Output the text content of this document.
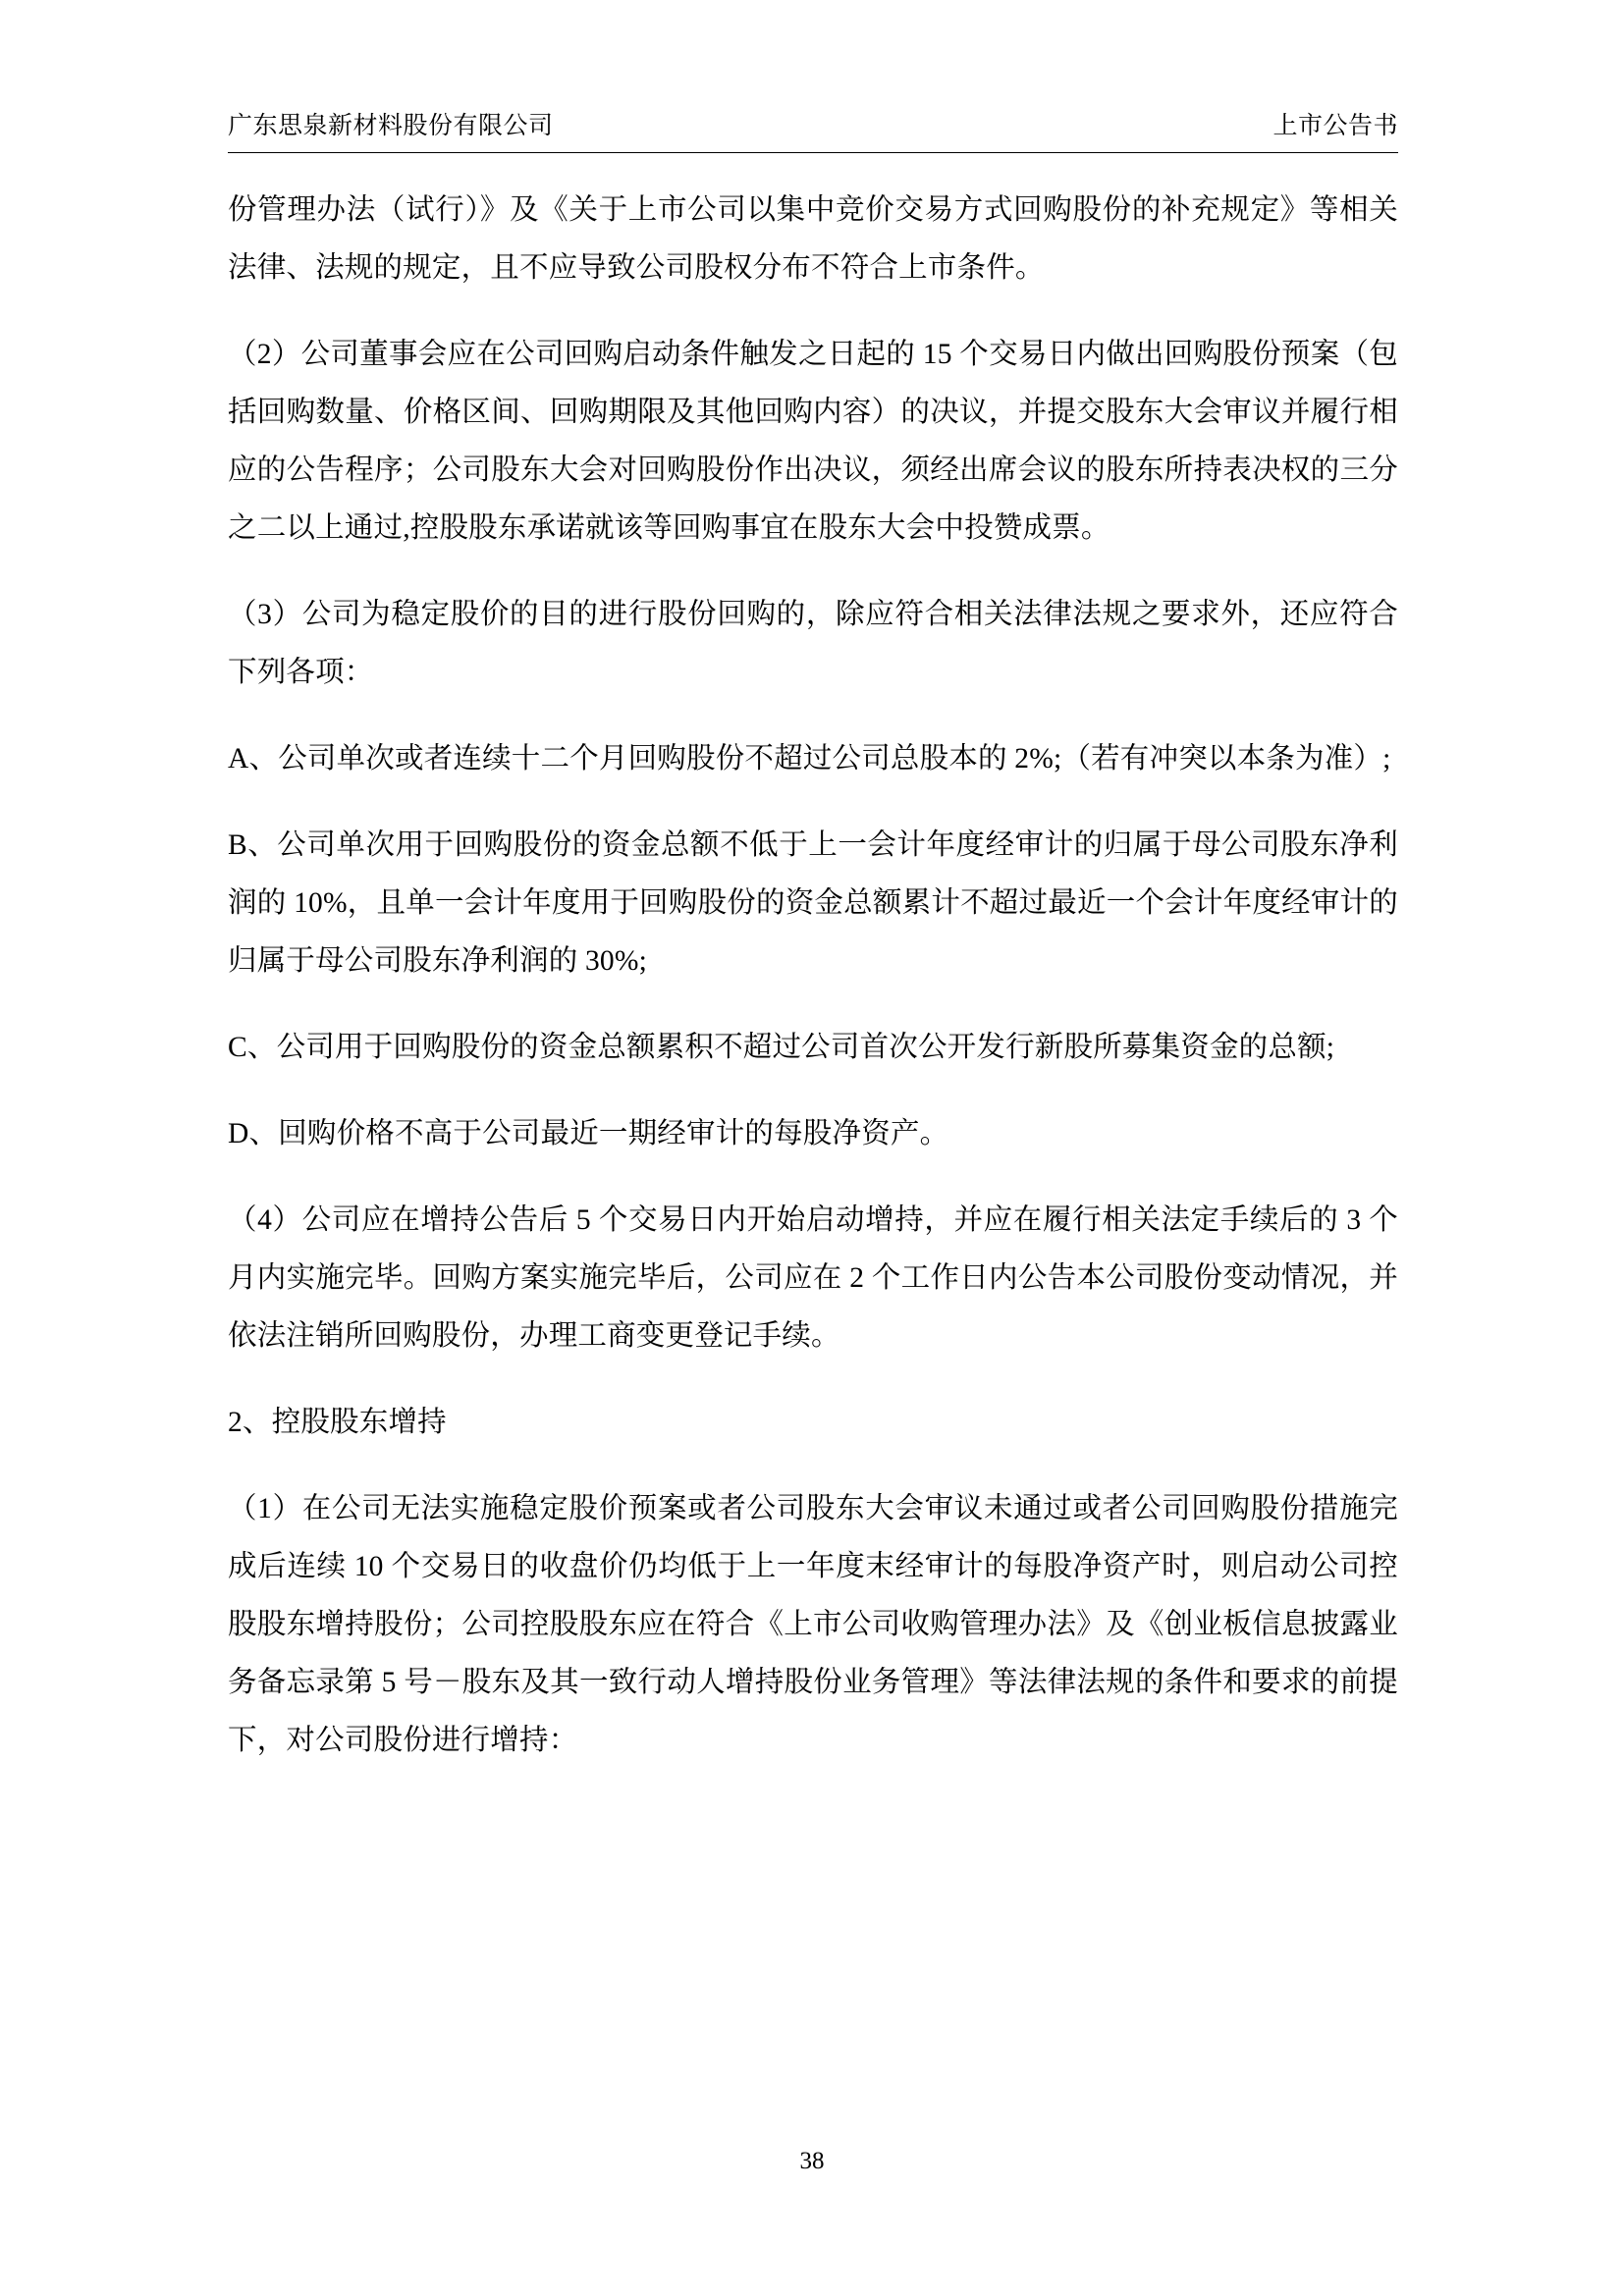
广东思泉新材料股份有限公司	上市公告书

份管理办法（试行）》及《关于上市公司以集中竞价交易方式回购股份的补充规定》等相关法律、法规的规定，且不应导致公司股权分布不符合上市条件。

（2）公司董事会应在公司回购启动条件触发之日起的 15 个交易日内做出回购股份预案（包括回购数量、价格区间、回购期限及其他回购内容）的决议，并提交股东大会审议并履行相应的公告程序；公司股东大会对回购股份作出决议，须经出席会议的股东所持表决权的三分之二以上通过,控股股东承诺就该等回购事宜在股东大会中投赞成票。

（3）公司为稳定股价的目的进行股份回购的，除应符合相关法律法规之要求外，还应符合下列各项：

A、公司单次或者连续十二个月回购股份不超过公司总股本的 2%;（若有冲突以本条为准）;

B、公司单次用于回购股份的资金总额不低于上一会计年度经审计的归属于母公司股东净利润的 10%，且单一会计年度用于回购股份的资金总额累计不超过最近一个会计年度经审计的归属于母公司股东净利润的 30%;

C、公司用于回购股份的资金总额累积不超过公司首次公开发行新股所募集资金的总额;

D、回购价格不高于公司最近一期经审计的每股净资产。

（4）公司应在增持公告后 5 个交易日内开始启动增持，并应在履行相关法定手续后的 3 个月内实施完毕。回购方案实施完毕后，公司应在 2 个工作日内公告本公司股份变动情况，并依法注销所回购股份，办理工商变更登记手续。

2、控股股东增持

（1）在公司无法实施稳定股价预案或者公司股东大会审议未通过或者公司回购股份措施完成后连续 10 个交易日的收盘价仍均低于上一年度末经审计的每股净资产时，则启动公司控股股东增持股份；公司控股股东应在符合《上市公司收购管理办法》及《创业板信息披露业务备忘录第 5 号－股东及其一致行动人增持股份业务管理》等法律法规的条件和要求的前提下，对公司股份进行增持：

38
